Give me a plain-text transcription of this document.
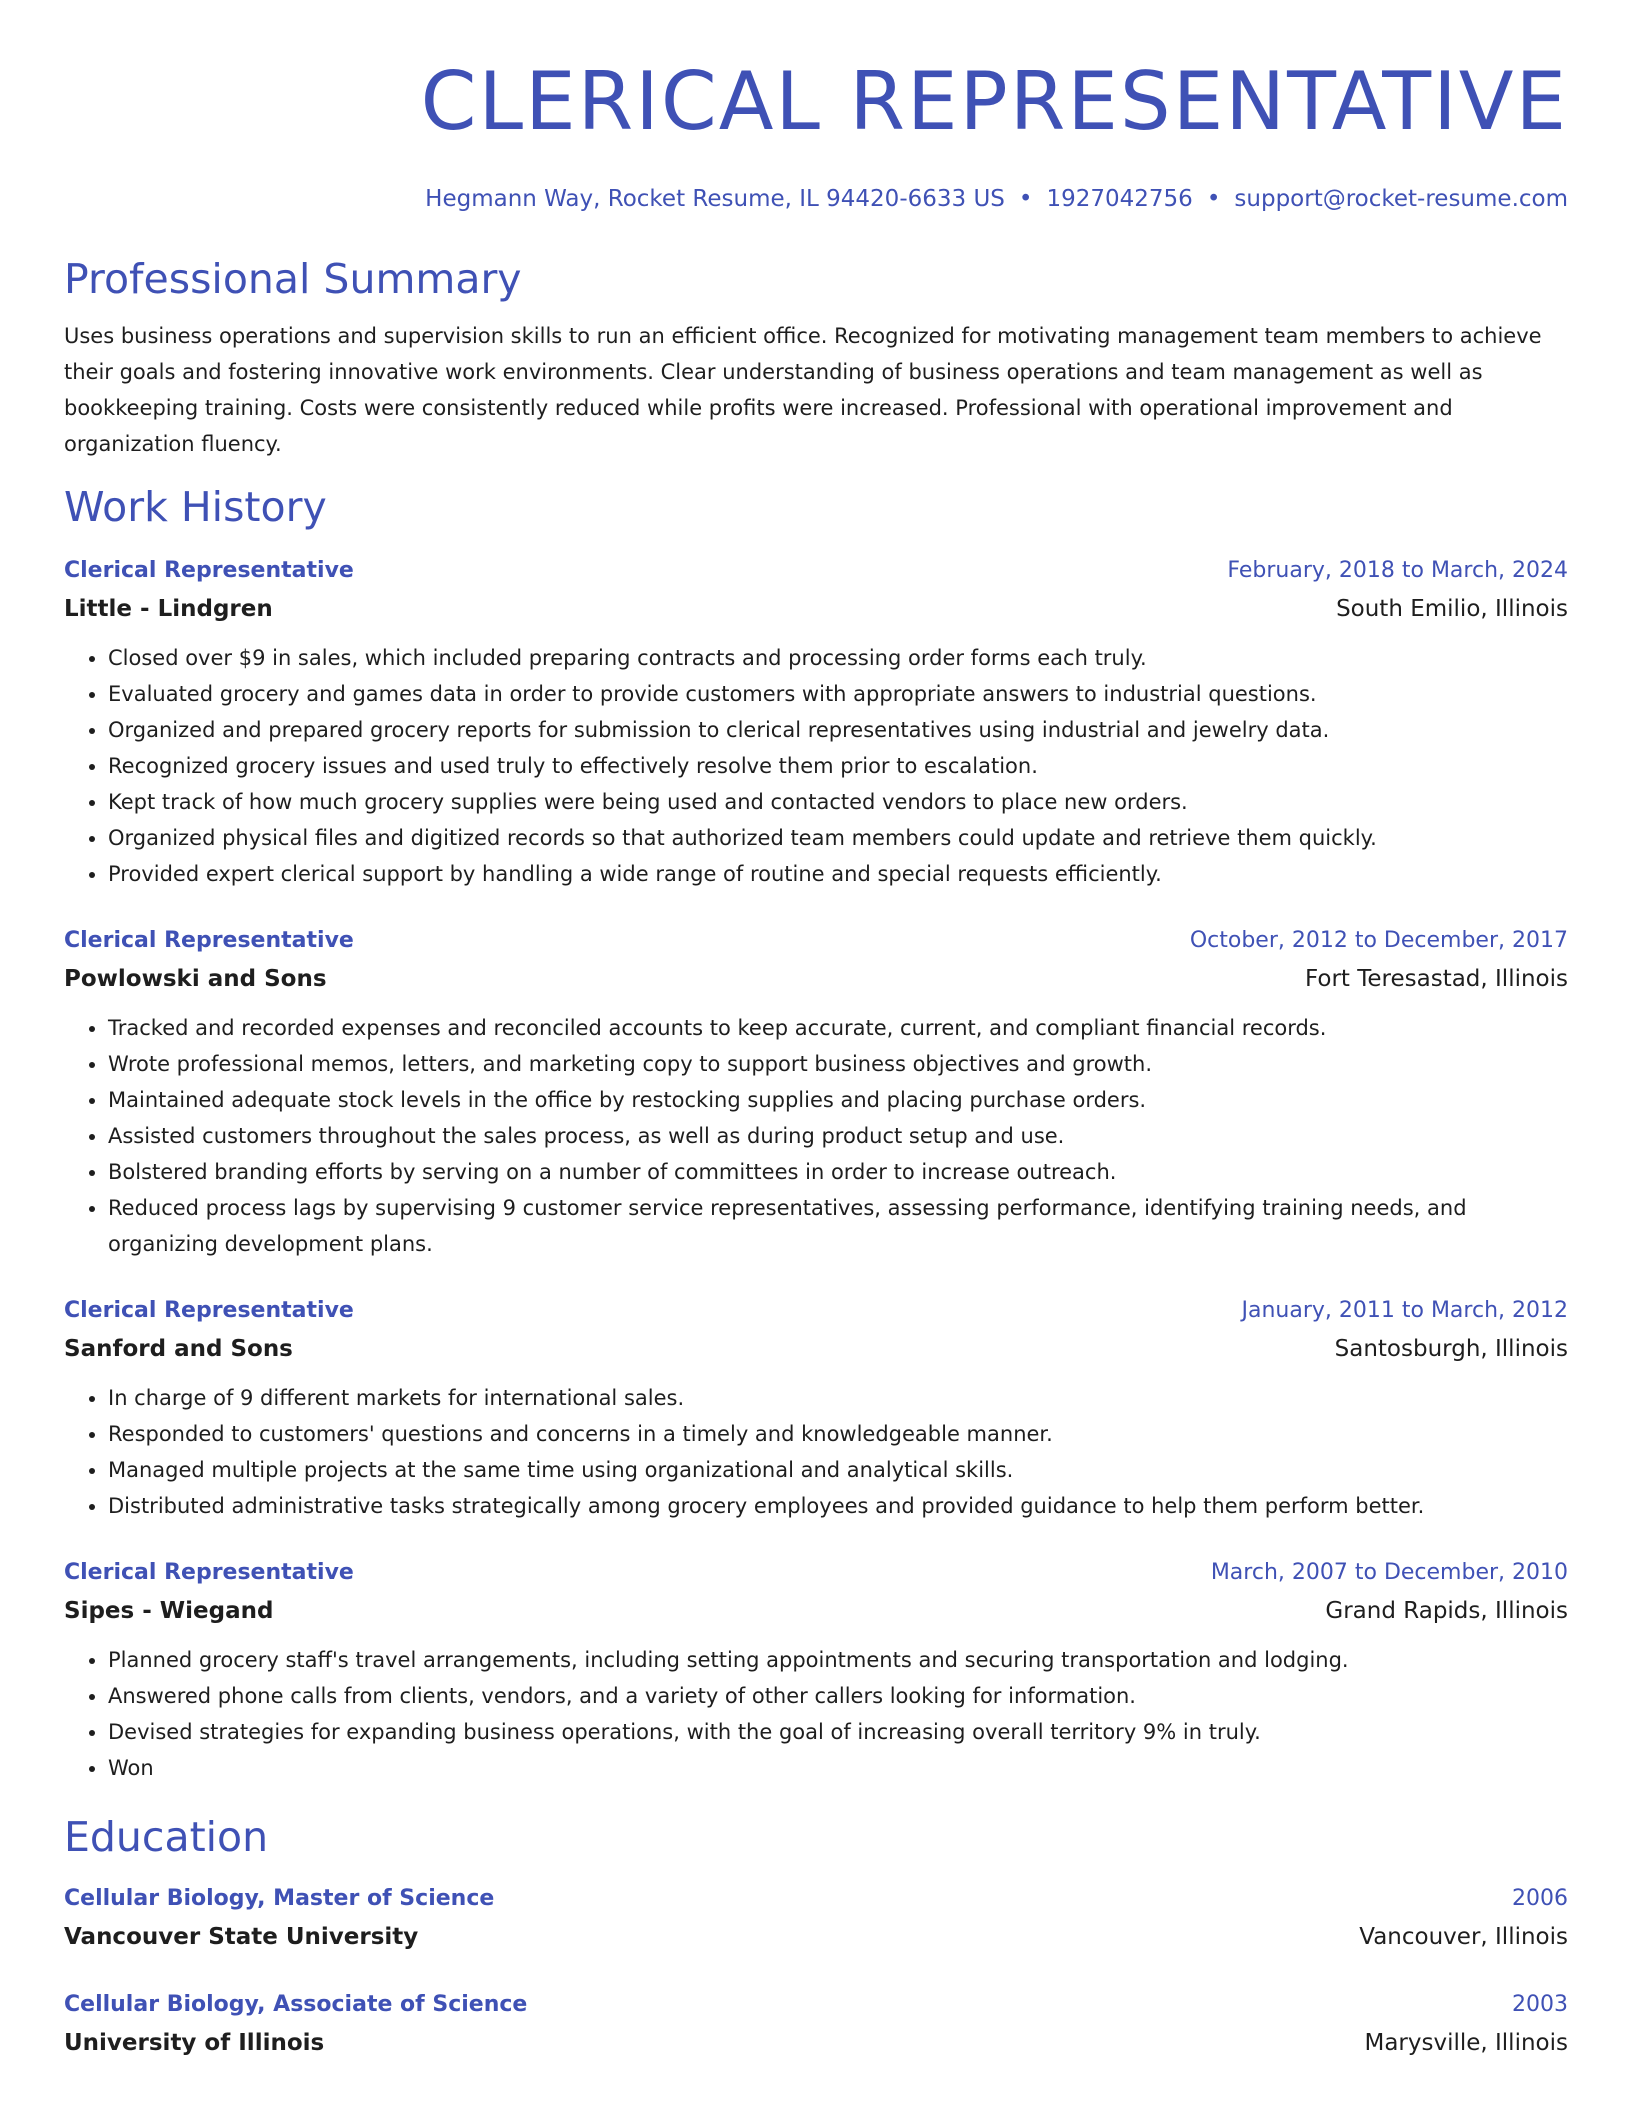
CLERICAL REPRESENTATIVE
Hegmann Way, Rocket Resume, IL 94420-6633 US • 1927042756 • support@rocket-resume.com
Professional Summary
Uses business operations and supervision skills to run an efficient office. Recognized for motivating management team members to achieve their goals and fostering innovative work environments. Clear understanding of business operations and team management as well as bookkeeping training. Costs were consistently reduced while profits were increased. Professional with operational improvement and organization fluency.
Work History
Clerical Representative	February, 2018 to March, 2024
Little - Lindgren	South Emilio, Illinois
• Closed over $9 in sales, which included preparing contracts and processing order forms each truly.
• Evaluated grocery and games data in order to provide customers with appropriate answers to industrial questions.
• Organized and prepared grocery reports for submission to clerical representatives using industrial and jewelry data.
• Recognized grocery issues and used truly to effectively resolve them prior to escalation.
• Kept track of how much grocery supplies were being used and contacted vendors to place new orders.
• Organized physical files and digitized records so that authorized team members could update and retrieve them quickly.
• Provided expert clerical support by handling a wide range of routine and special requests efficiently.
Clerical Representative	October, 2012 to December, 2017
Powlowski and Sons	Fort Teresastad, Illinois
• Tracked and recorded expenses and reconciled accounts to keep accurate, current, and compliant financial records.
• Wrote professional memos, letters, and marketing copy to support business objectives and growth.
• Maintained adequate stock levels in the office by restocking supplies and placing purchase orders.
• Assisted customers throughout the sales process, as well as during product setup and use.
• Bolstered branding efforts by serving on a number of committees in order to increase outreach.
• Reduced process lags by supervising 9 customer service representatives, assessing performance, identifying training needs, and organizing development plans.
Clerical Representative	January, 2011 to March, 2012
Sanford and Sons	Santosburgh, Illinois
• In charge of 9 different markets for international sales.
• Responded to customers' questions and concerns in a timely and knowledgeable manner.
• Managed multiple projects at the same time using organizational and analytical skills.
• Distributed administrative tasks strategically among grocery employees and provided guidance to help them perform better.
Clerical Representative	March, 2007 to December, 2010
Sipes - Wiegand	Grand Rapids, Illinois
• Planned grocery staff's travel arrangements, including setting appointments and securing transportation and lodging.
• Answered phone calls from clients, vendors, and a variety of other callers looking for information.
• Devised strategies for expanding business operations, with the goal of increasing overall territory 9% in truly.
• Won
Education
Cellular Biology, Master of Science	2006
Vancouver State University	Vancouver, Illinois
Cellular Biology, Associate of Science	2003
University of Illinois	Marysville, Illinois
